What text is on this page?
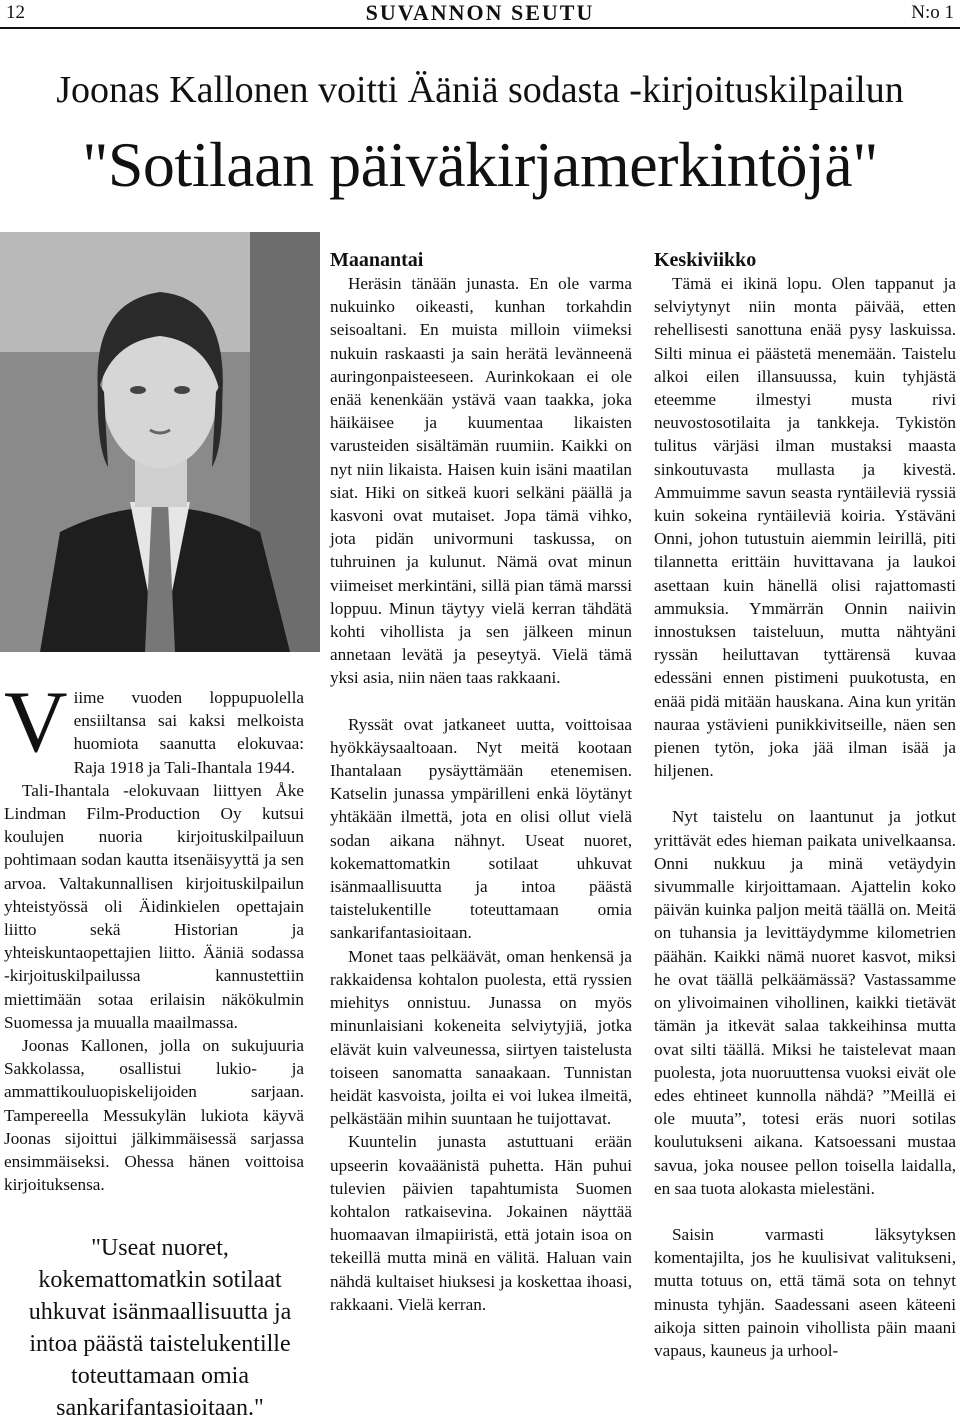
12	SUVANNON SEUTU	N:o 1
Joonas Kallonen voitti Ääniä sodasta -kirjoituskilpailun
"Sotilaan päiväkirjamerkintöjä"

Viime vuoden loppupuolella ensiiltansa sai kaksi melkoista huomiota saanutta elokuvaa: Raja 1918 ja Tali-Ihantala 1944.

Tali-Ihantala -elokuvaan liittyen Åke Lindman Film-Production Oy kutsui koulujen nuoria kirjoituskilpailuun pohtimaan sodan kautta itsenäisyyttä ja sen arvoa. Valtakunnallisen kirjoituskilpailun yhteistyössä oli Äidinkielen opettajain liitto sekä Historian ja yhteiskuntaopettajien liitto. Ääniä sodassa -kirjoituskilpailussa kannustettiin miettimään sotaa erilaisin näkökulmin Suomessa ja muualla maailmassa.

Joonas Kallonen, jolla on sukujuuria Sakkolassa, osallistui lukio- ja ammattikouluopiskelijoiden sarjaan. Tampereella Messukylän lukiota käyvä Joonas sijoittui jälkimmäisessä sarjassa ensimmäiseksi. Ohessa hänen voittoisa kirjoituksensa.

"Useat nuoret, kokemattomatkin sotilaat uhkuvat isänmaallisuutta ja intoa päästä taistelukentille toteuttamaan omia sankarifantasioitaan."
Maanantai

Heräsin tänään junasta. En ole varma nukuinko oikeasti, kunhan torkahdin seisoaltani. En muista milloin viimeksi nukuin raskaasti ja sain herätä levänneenä auringonpaisteeseen. Aurinkokaan ei ole enää kenenkään ystävä vaan taakka, joka häikäisee ja kuumentaa likaisten varusteiden sisältämän ruumiin. Kaikki on nyt niin likaista. Haisen kuin isäni maatilan siat. Hiki on sitkeä kuori selkäni päällä ja kasvoni ovat mutaiset. Jopa tämä vihko, jota pidän univormuni taskussa, on tuhruinen ja kulunut. Nämä ovat minun viimeiset merkintäni, sillä pian tämä marssi loppuu. Minun täytyy vielä kerran tähdätä kohti vihollista ja sen jälkeen minun annetaan levätä ja peseytyä. Vielä tämä yksi asia, niin näen taas rakkaani.

Ryssät ovat jatkaneet uutta, voittoisaa hyökkäysaaltoaan. Nyt meitä kootaan Ihantalaan pysäyttämään etenemisen. Katselin junassa ympärilleni enkä löytänyt yhtäkään ilmettä, jota en olisi ollut vielä sodan aikana nähnyt. Useat nuoret, kokemattomatkin sotilaat uhkuvat isänmaallisuutta ja intoa päästä taistelukentille toteuttamaan omia sankarifantasioitaan.

Monet taas pelkäävät, oman henkensä ja rakkaidensa kohtalon puolesta, että ryssien miehitys onnistuu. Junassa on myös minunlaisiani kokeneita selviytyjiä, jotka elävät kuin valveunessa, siirtyen taistelusta toiseen sanomatta sanaakaan. Tunnistan heidät kasvoista, joilta ei voi lukea ilmeitä, pelkästään mihin suuntaan he tuijottavat.

Kuuntelin junasta astuttuani erään upseerin kovaäänistä puhetta. Hän puhui tulevien päivien tapahtumista Suomen kohtalon ratkaisevina. Jokainen näyttää huomaavan ilmapiiristä, että jotain isoa on tekeillä mutta minä en välitä. Haluan vain nähdä kultaiset hiuksesi ja koskettaa ihoasi, rakkaani. Vielä kerran.

Keskiviikko

Tämä ei ikinä lopu. Olen tappanut ja selviytynyt niin monta päivää, etten rehellisesti sanottuna enää pysy laskuissa. Silti minua ei päästetä menemään. Taistelu alkoi eilen illansuussa, kuin tyhjästä eteemme ilmestyi musta rivi neuvostosotilaita ja tankkeja. Tykistön tulitus värjäsi ilman mustaksi maasta sinkoutuvasta mullasta ja kivestä. Ammuimme savun seasta ryntäileviä ryssiä kuin sokeina ryntäileviä koiria. Ystäväni Onni, johon tutustuin aiemmin leirillä, piti tilannetta erittäin huvittavana ja laukoi asettaan kuin hänellä olisi rajattomasti ammuksia. Ymmärrän Onnin naiivin innostuksen taisteluun, mutta nähtyäni ryssän heiluttavan tyttärensä kuvaa edessäni ennen pistimeni puukotusta, en enää pidä mitään hauskana. Aina kun yritän nauraa ystävieni punikkivitseille, näen sen pienen tytön, joka jää ilman isää ja hiljenen.

Nyt taistelu on laantunut ja jotkut yrittävät edes hieman paikata univelkaansa. Onni nukkuu ja minä vetäydyin sivummalle kirjoittamaan. Ajattelin koko päivän kuinka paljon meitä täällä on. Meitä on tuhansia ja levittäydymme kilometrien päähän. Kaikki nämä nuoret kasvot, miksi he ovat täällä pelkäämässä? Vastassamme on ylivoimainen vihollinen, kaikki tietävät tämän ja itkevät salaa takkeihinsa mutta ovat silti täällä. Miksi he taistelevat maan puolesta, jota nuoruuttensa vuoksi eivät ole edes ehtineet kunnolla nähdä? ”Meillä ei ole muuta”, totesi eräs nuori sotilas koulutukseni aikana. Katsoessani mustaa savua, joka nousee pellon toisella laidalla, en saa tuota alokasta mielestäni.

Saisin varmasti läksytyksen komentajilta, jos he kuulisivat valitukseni, mutta totuus on, että tämä sota on tehnyt minusta tyhjän. Saadessani aseen käteeni aikoja sitten painoin vihollista päin maani vapaus, kauneus ja urhool-
